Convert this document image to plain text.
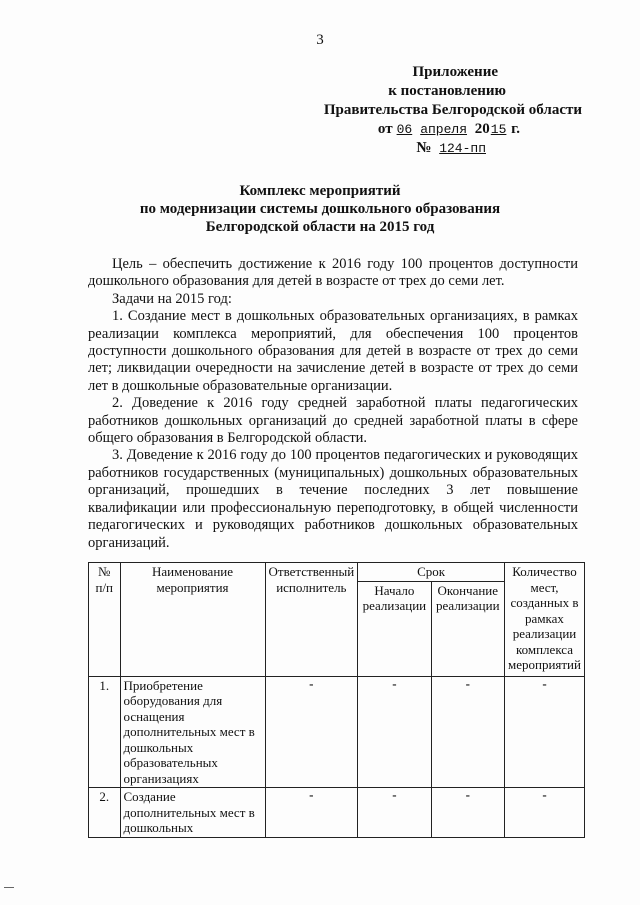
3
Приложение
к постановлению
Правительства Белгородской области
от 06 апреля 2015 г.
№ 124-пп
Комплекс мероприятий
по модернизации системы дошкольного образования
Белгородской области на 2015 год

Цель – обеспечить достижение к 2016 году 100 процентов доступности дошкольного образования для детей в возрасте от трех до семи лет.

Задачи на 2015 год:

1. Создание мест в дошкольных образовательных организациях, в рамках реализации комплекса мероприятий, для обеспечения 100 процентов доступности дошкольного образования для детей в возрасте от трех до семи лет; ликвидации очередности на зачисление детей в возрасте от трех до семи лет в дошкольные образовательные организации.

2. Доведение к 2016 году средней заработной платы педагогических работников дошкольных организаций до средней заработной платы в сфере общего образования в Белгородской области.

3. Доведение к 2016 году до 100 процентов педагогических и руководящих работников государственных (муниципальных) дошкольных образовательных организаций, прошедших в течение последних 3 лет повышение квалификации или профессиональную переподготовку, в общей численности педагогических и руководящих работников дошкольных образовательных организаций.

№ п/п	Наименование мероприятия	Ответственный исполнитель	Срок		Количество мест, созданных в рамках реализации комплекса мероприятий
			Начало реализации	Окончание реализации	
1.	Приобретение оборудования для оснащения дополнительных мест в дошкольных образовательных организациях	-	-	-	-
2.	Создание дополнительных мест в дошкольных	-	-	-	-
